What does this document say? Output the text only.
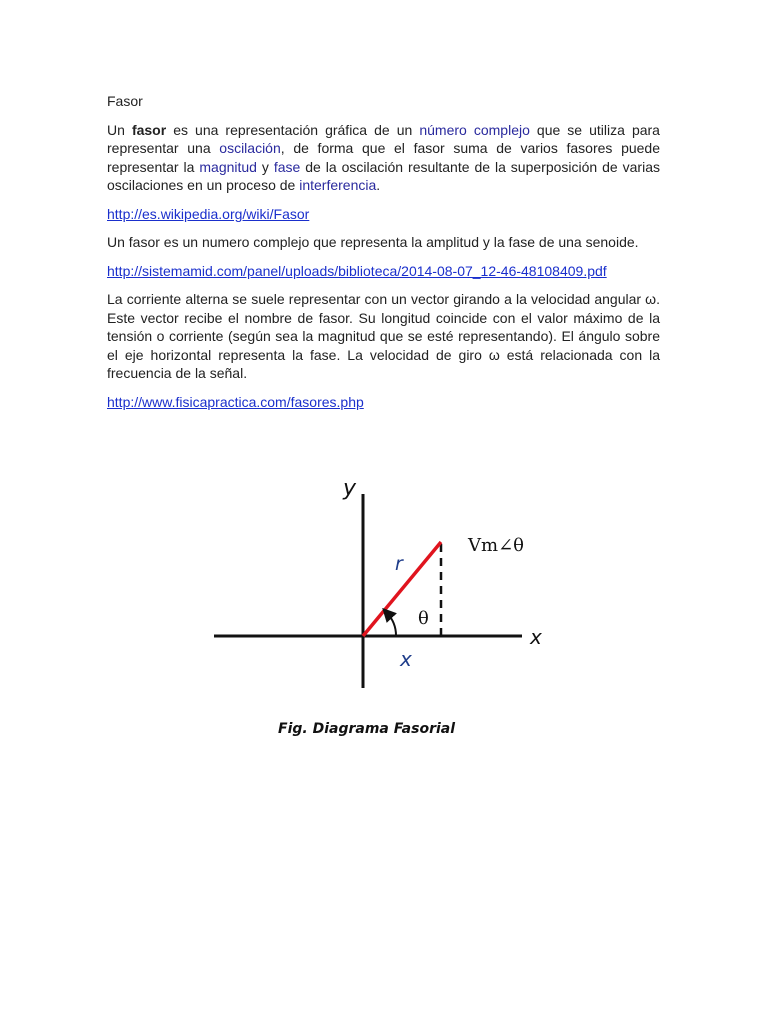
Fasor

Un fasor es una representación gráfica de un número complejo que se utiliza para representar una oscilación, de forma que el fasor suma de varios fasores puede representar la magnitud y fase de la oscilación resultante de la superposición de varias oscilaciones en un proceso de interferencia.

http://es.wikipedia.org/wiki/Fasor

Un fasor es un numero complejo que representa la amplitud y la fase de una senoide.

http://sistemamid.com/panel/uploads/biblioteca/2014-08-07_12-46-48108409.pdf

La corriente alterna se suele representar con un vector girando a la velocidad angular ω. Este vector recibe el nombre de fasor. Su longitud coincide con el valor máximo de la tensión o corriente (según sea la magnitud que se esté representando). El ángulo sobre el eje horizontal representa la fase. La velocidad de giro ω está relacionada con la frecuencia de la señal.

http://www.fisicapractica.com/fasores.php

y
x
r
Vm∠θ
θ
x
Fig. Diagrama Fasorial
